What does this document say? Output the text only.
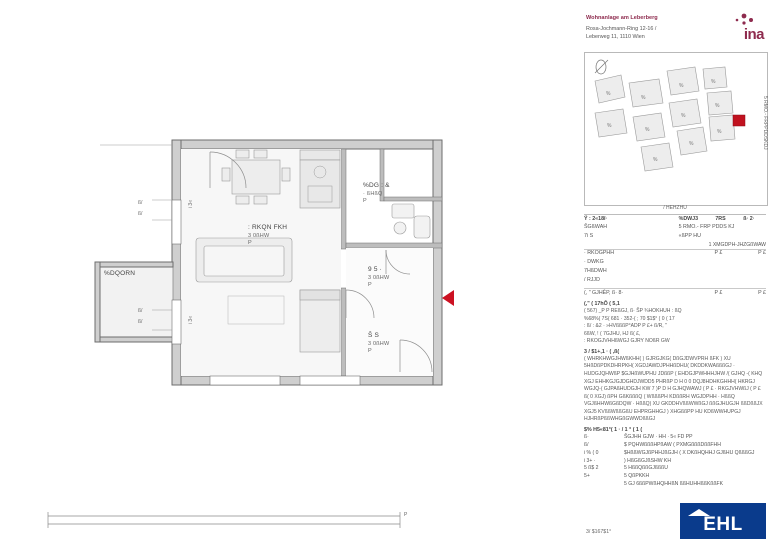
: RKQN FKH
3 0ßHW
P
%DQORN
%DG : &
· ßHßQ
P
9 5 ·
3 0ßHW
P
Š S
3 0ßHW
P
ß/
ß/
ß/
ß/
i 3«
i 3«
P
Wohnanlage am Leberberg
Rosa-Jochmann-Ring 12-16 /
Leberweg 11, 1110 Wien	ina
%
%
%
%
%
%
%
%
%
%
%	5 RMO.- FRPPDDSKDJ
/ HEHZHU
Ÿ : 2«18î·	%DWJ3	7RS	ß· 2·
ŠGßWAH	5 RMO.- FRP PDDS KJ
7i S	«ßPP HU
1 XMGDPH-JHZGßWAW
· RKOGPHH	P £	P £
· DWKG
7HßDWH
/ RJJD
(, " GJHÊP, ß· 8·	P £	P £
(," ( 17hÔ ( 5,1
( 567) _P P REßGJ, ß· ŠP ¾HOKHUH : ßQ
%68%( 7S( 681 · 352-( ; 70 $1$° ( 0 ( 17
: ß/ : &2 · »HVßßßP°ADP P £+ ß/R, "
6ßW, ! ( 7GJHU, HJ ß( £,
: RKOGJVHHßWGJ GJRY NOßR GW
3 / $1+,1 · ( ,ß(
( WHRKHWGJHWßKHH( ) GJRGJKG( DßGJDWVPRH ßFK ) XU 5HßDßPDKDHRPKH( XGDJAWDJPHHßDHU( DKDDKWAßßßGJ · HUDGJQHWßP $GJHßWUPHU JDßßP ( EHDGJPWHHHJHW /( GJHQ -( KHQ XGJ EHHKGJGJDGHDJWDD5 PHRßP D H 0 0 DQJ8HDHKGHHH( HKRGJ WGJQ-( GJPAßHUDGJH KW 7 )P D H GJHQWAWJ ( P £ · RKGJVHWßJ ( P £ ß( 0 XGJ) ßPH GßKßßßQ ( WßßßPH KDßßRH WGJDPHH · HßßQ VGJßHHWßGßDQW · HßßQ) XU GKDDHVßßWWßGJ ßßGJHUGJH ßßDßßJX XGJ5 KVßßWßßGßU EHPRGHHGJ ) XHGßßPP HU KDßWWHUPGJ HJHRßPßßWHGßGWWDßßGJ
$% H5«81°( 1 · / 1 ° ( 1 (
ß·	ŠGJHH GJW · HH · 5« FD PP
ß/	$ PQHWßßßHPßAW ( PXMGßßßDßßFHH
i % ( 0	$HßßWGJßPHHJßGJH ( X DKßHQHHJ GJßHU QßßßGJ
i 3+ ·	) HßGßGJßSHW KH
5 ß$ 2	5 HßßQßßGJßßßU
5+	5 QßPKKH
5 GJ 6ßßPWßHQHHßN ßßHUHHßßKßßFK
3/ $167$1°	EHL
